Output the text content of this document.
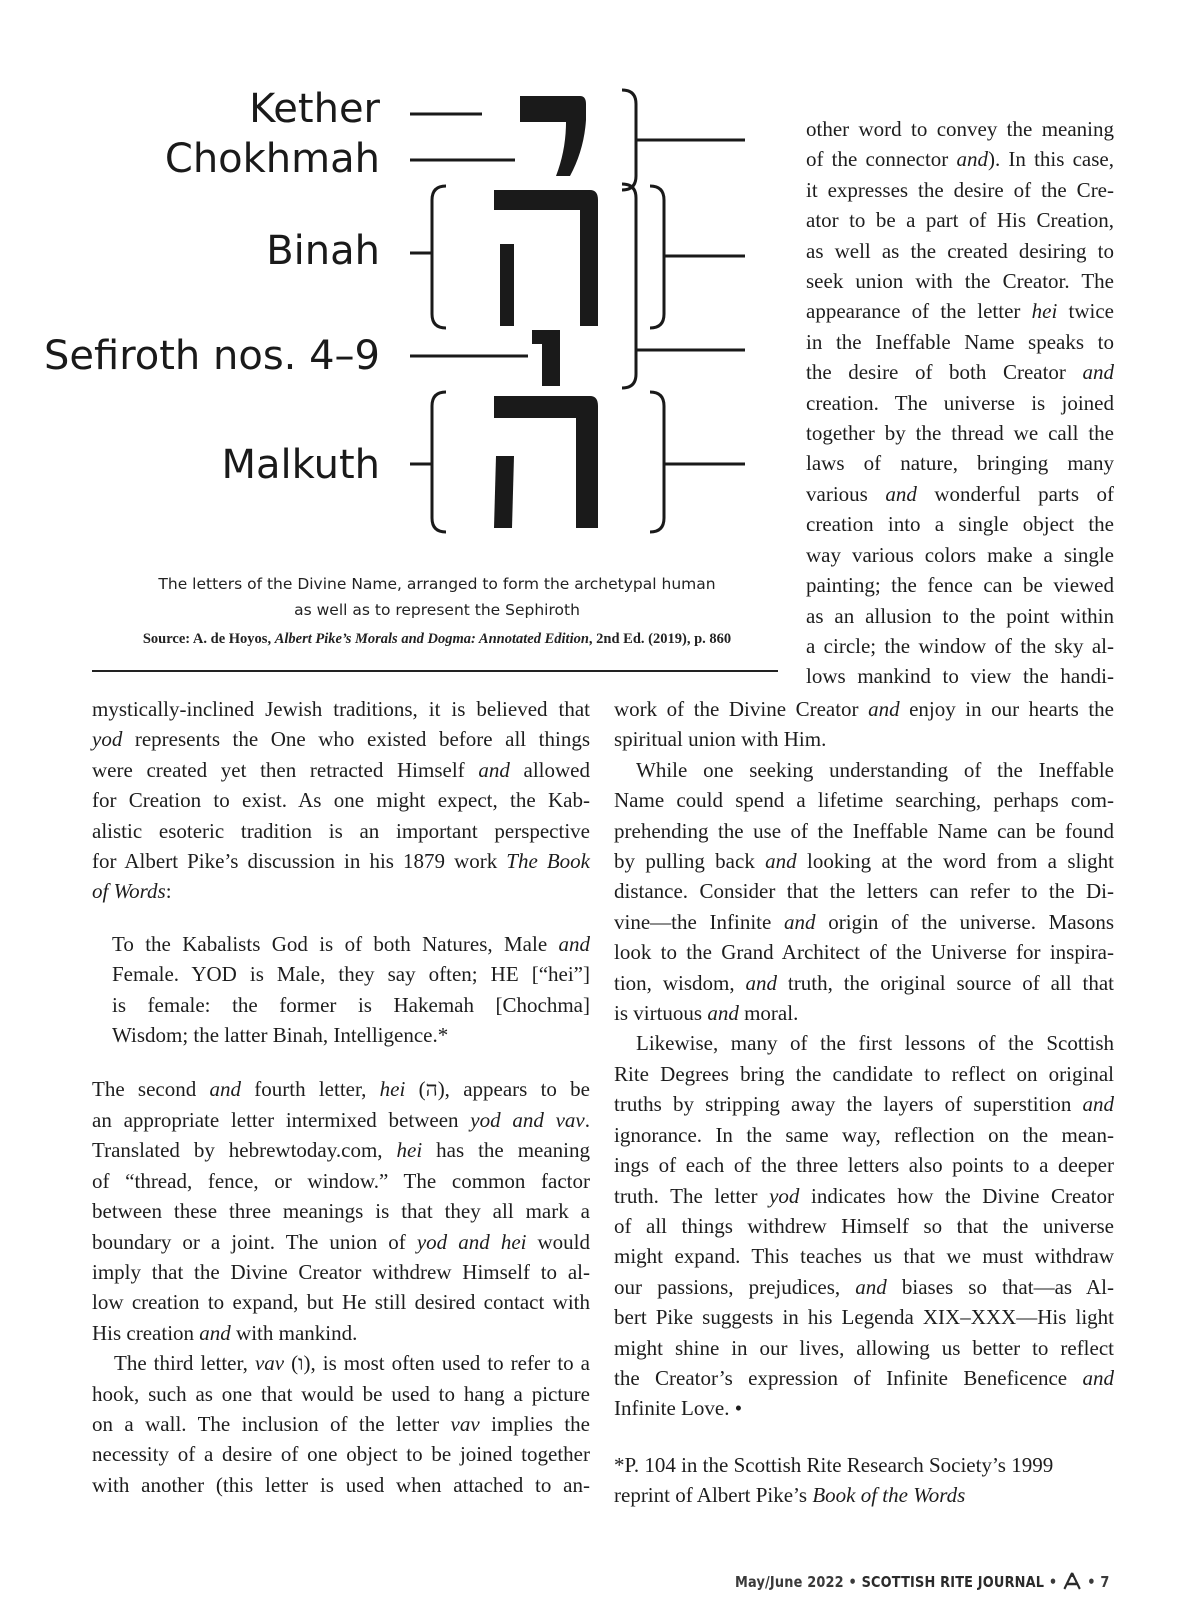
Kether
Chokhmah
Binah
Sefiroth nos. 4–9
Malkuth
The letters of the Divine Name, arranged to form the archetypal human
as well as to represent the Sephiroth
Source: A. de Hoyos, Albert Pike’s Morals and Dogma: Annotated Edition, 2nd Ed. (2019), p. 860
other word to convey the meaning
of the connector and). In this case,
it expresses the desire of the Cre-
ator to be a part of His Creation,
as well as the created desiring to
seek union with the Creator. The
appearance of the letter hei twice
in the Ineffable Name speaks to
the desire of both Creator and
creation. The universe is joined
together by the thread we call the
laws of nature, bringing many
various and wonderful parts of
creation into a single object the
way various colors make a single
painting; the fence can be viewed
as an allusion to the point within
a circle; the window of the sky al-
lows mankind to view the handi-
mystically-inclined Jewish traditions, it is believed that
yod represents the One who existed before all things
were created yet then retracted Himself and allowed
for Creation to exist. As one might expect, the Kab-
alistic esoteric tradition is an important perspective
for Albert Pike’s discussion in his 1879 work The Book
of Words:
To the Kabalists God is of both Natures, Male and
Female. YOD is Male, they say often; HE [“hei”]
is female: the former is Hakemah [Chochma]
Wisdom; the latter Binah, Intelligence.*
The second and fourth letter, hei (ה), appears to be
an appropriate letter intermixed between yod and vav.
Translated by hebrewtoday.com, hei has the meaning
of “thread, fence, or window.” The common factor
between these three meanings is that they all mark a
boundary or a joint. The union of yod and hei would
imply that the Divine Creator withdrew Himself to al-
low creation to expand, but He still desired contact with
His creation and with mankind.
The third letter, vav (ו), is most often used to refer to a
hook, such as one that would be used to hang a picture
on a wall. The inclusion of the letter vav implies the
necessity of a desire of one object to be joined together
with another (this letter is used when attached to an-
work of the Divine Creator and enjoy in our hearts the
spiritual union with Him.
While one seeking understanding of the Ineffable
Name could spend a lifetime searching, perhaps com-
prehending the use of the Ineffable Name can be found
by pulling back and looking at the word from a slight
distance. Consider that the letters can refer to the Di-
vine—the Infinite and origin of the universe. Masons
look to the Grand Architect of the Universe for inspira-
tion, wisdom, and truth, the original source of all that
is virtuous and moral.
Likewise, many of the first lessons of the Scottish
Rite Degrees bring the candidate to reflect on original
truths by stripping away the layers of superstition and
ignorance. In the same way, reflection on the mean-
ings of each of the three letters also points to a deeper
truth. The letter yod indicates how the Divine Creator
of all things withdrew Himself so that the universe
might expand. This teaches us that we must withdraw
our passions, prejudices, and biases so that—as Al-
bert Pike suggests in his Legenda XIX–XXX—His light
might shine in our lives, allowing us better to reflect
the Creator’s expression of Infinite Beneficence and
Infinite Love. •
*P. 104 in the Scottish Rite Research Society’s 1999
reprint of Albert Pike’s Book of the Words
May/June 2022 • SCOTTISH RITE JOURNAL • • 7
